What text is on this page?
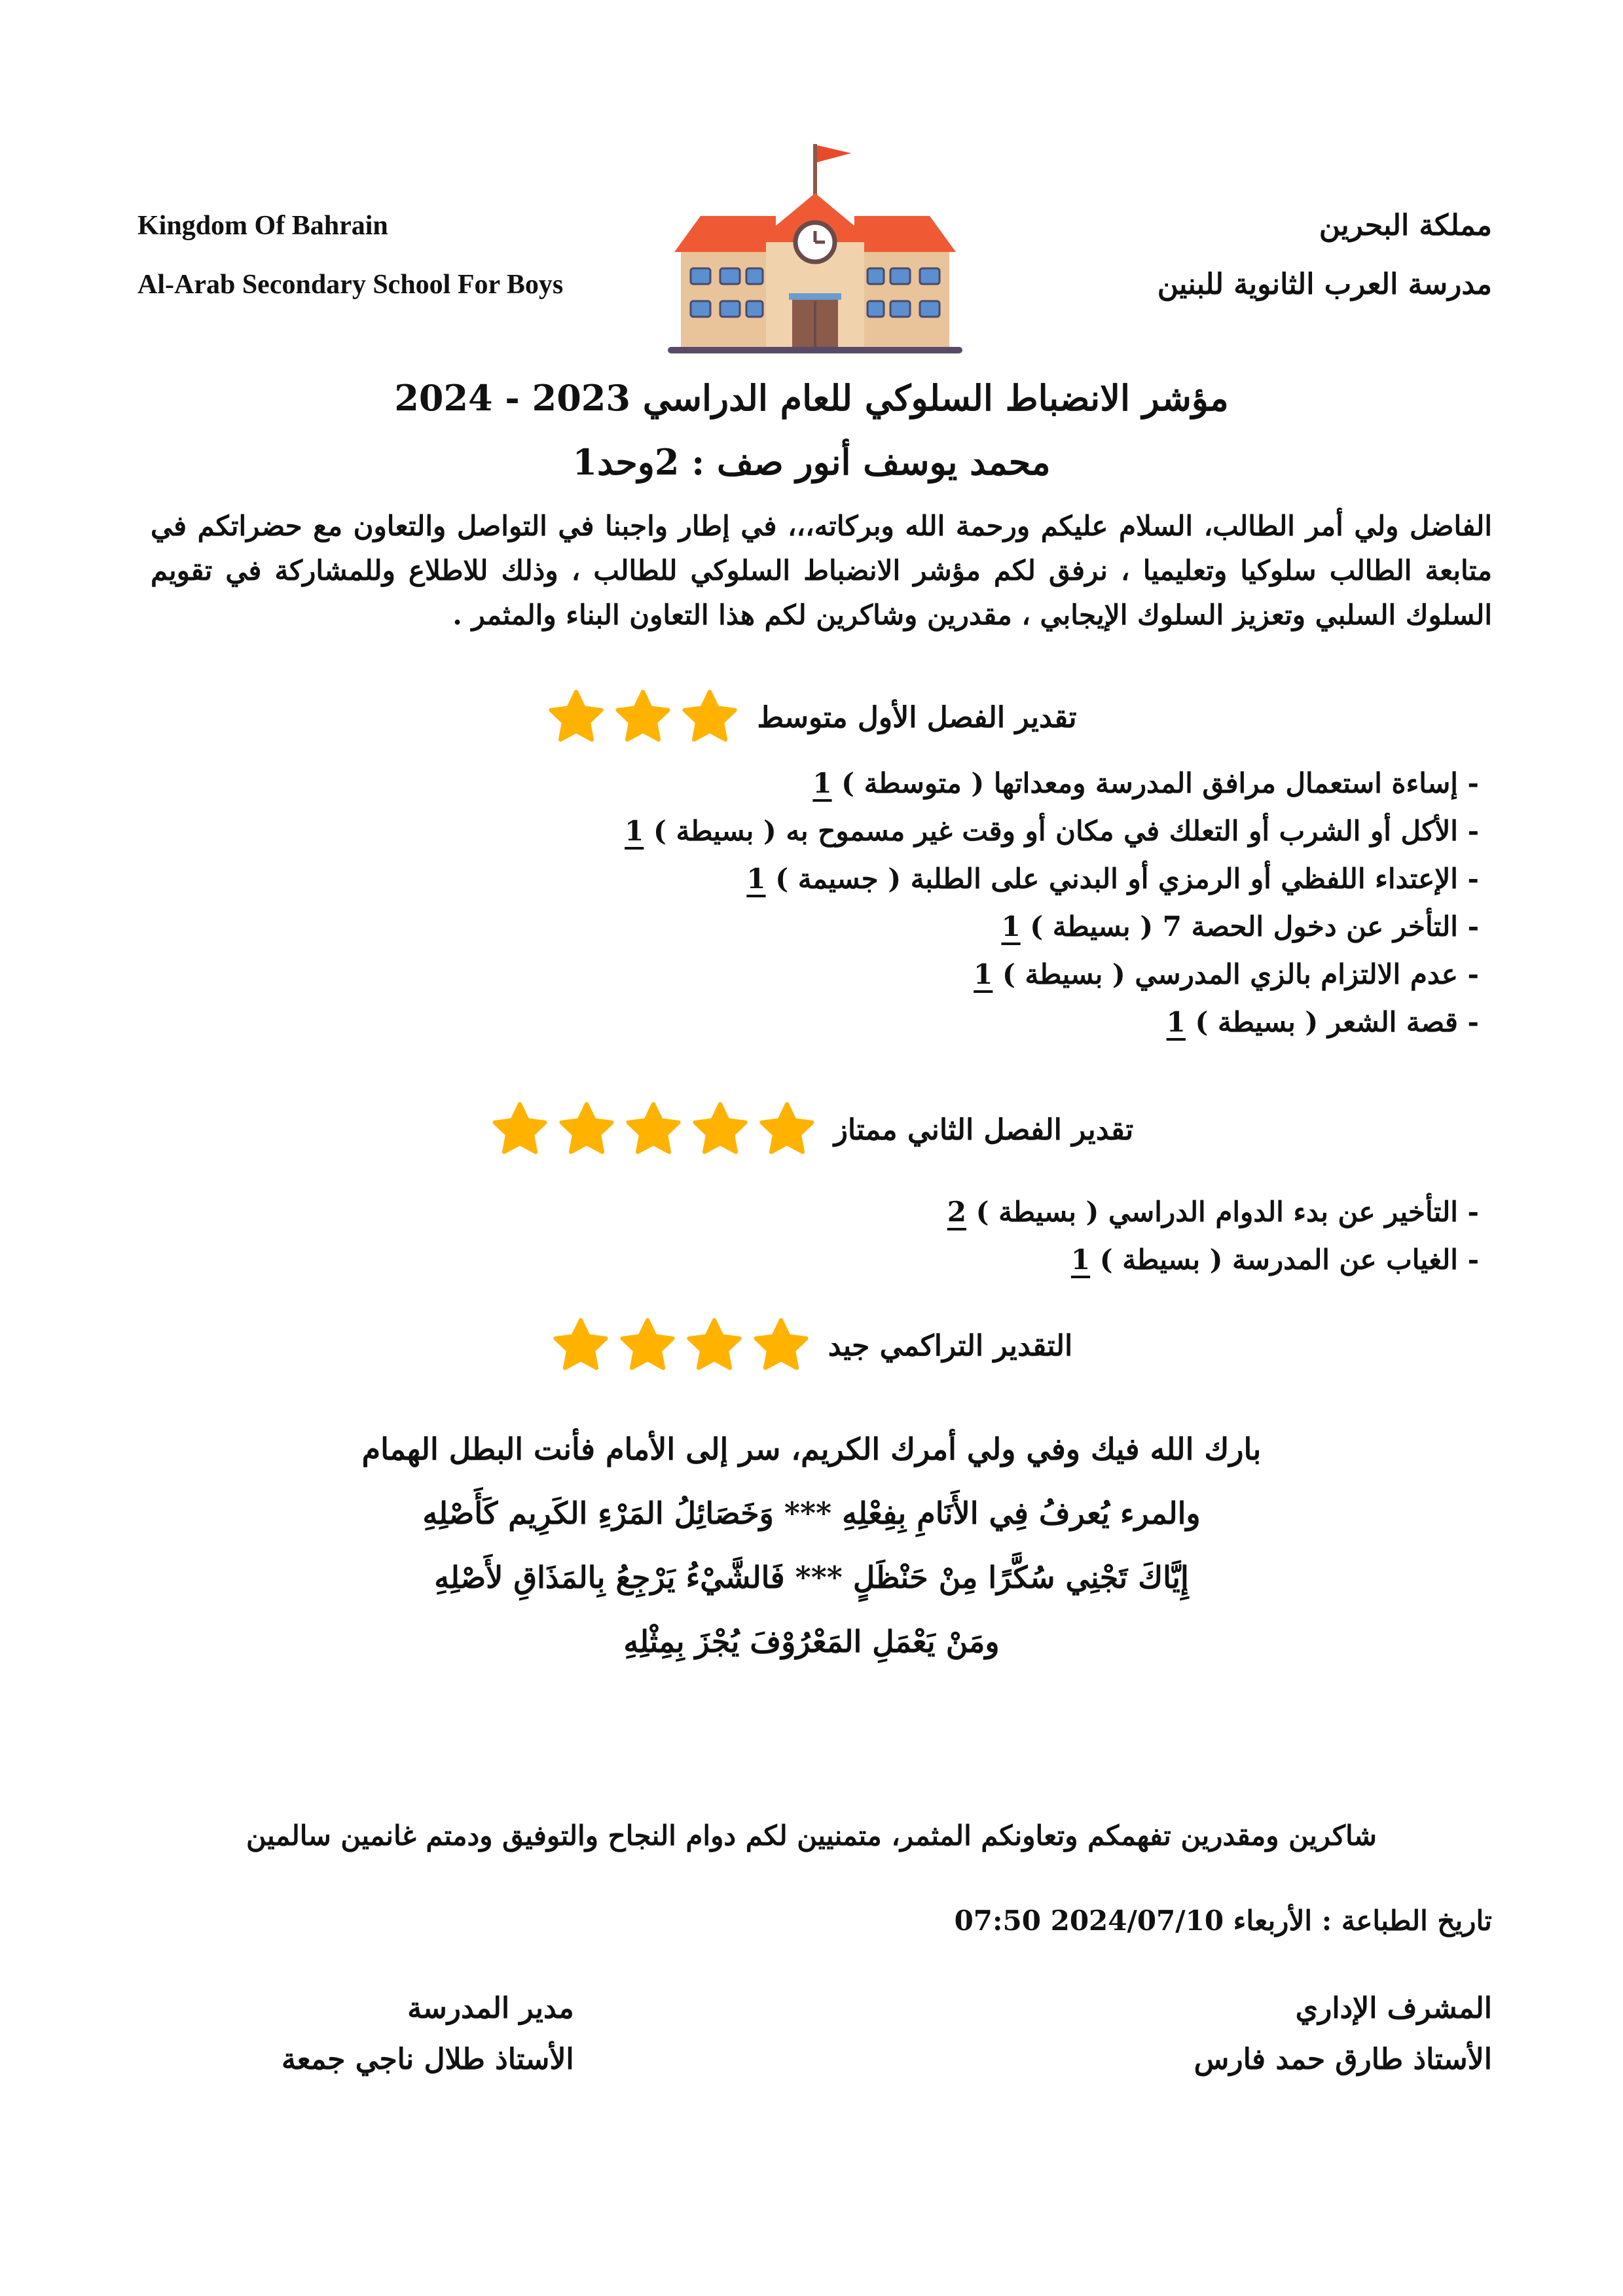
مملكة البحرين
مدرسة العرب الثانوية للبنين
Kingdom Of Bahrain
Al-Arab Secondary School For Boys
مؤشر الانضباط السلوكي للعام الدراسي 2023 - 2024
محمد يوسف أنور صف : 2وحد1
الفاضل ولي أمر الطالب، السلام عليكم ورحمة الله وبركاته،،، في إطار واجبنا في التواصل والتعاون مع حضراتكم في متابعة الطالب سلوكيا وتعليميا ، نرفق لكم مؤشر الانضباط السلوكي للطالب ، وذلك للاطلاع وللمشاركة في تقويم السلوك السلبي وتعزيز السلوك الإيجابي ، مقدرين وشاكرين لكم هذا التعاون البناء والمثمر .
تقدير الفصل الأول متوسط
- إساءة استعمال مرافق المدرسة ومعداتها ( متوسطة ) 1
- الأكل أو الشرب أو التعلك في مكان أو وقت غير مسموح به ( بسيطة ) 1
- الإعتداء اللفظي أو الرمزي أو البدني على الطلبة ( جسيمة ) 1
- التأخر عن دخول الحصة 7 ( بسيطة ) 1
- عدم الالتزام بالزي المدرسي ( بسيطة ) 1
- قصة الشعر ( بسيطة ) 1
تقدير الفصل الثاني ممتاز
- التأخير عن بدء الدوام الدراسي ( بسيطة ) 2
- الغياب عن المدرسة ( بسيطة ) 1
التقدير التراكمي جيد
بارك الله فيك وفي ولي أمرك الكريم، سر إلى الأمام فأنت البطل الهمام
والمرء يُعرفُ فِي الأَنَامِ بِفِعْلِهِ *** وَخَصَائِلُ المَرْءِ الكَرِيم كَأَصْلِهِ
إِيَّاكَ تَجْنِي سُكَّرًا مِنْ حَنْظَلٍ *** فَالشَّيْءُ يَرْجِعُ بِالمَذَاقِ لأَصْلِهِ
ومَنْ يَعْمَلِ المَعْرُوْفَ يُجْزَ بِمِثْلِهِ
شاكرين ومقدرين تفهمكم وتعاونكم المثمر، متمنيين لكم دوام النجاح والتوفيق ودمتم غانمين سالمين
تاريخ الطباعة : الأربعاء 2024/07/10 07:50
المشرف الإداري
الأستاذ طارق حمد فارس
مدير المدرسة
الأستاذ طلال ناجي جمعة
